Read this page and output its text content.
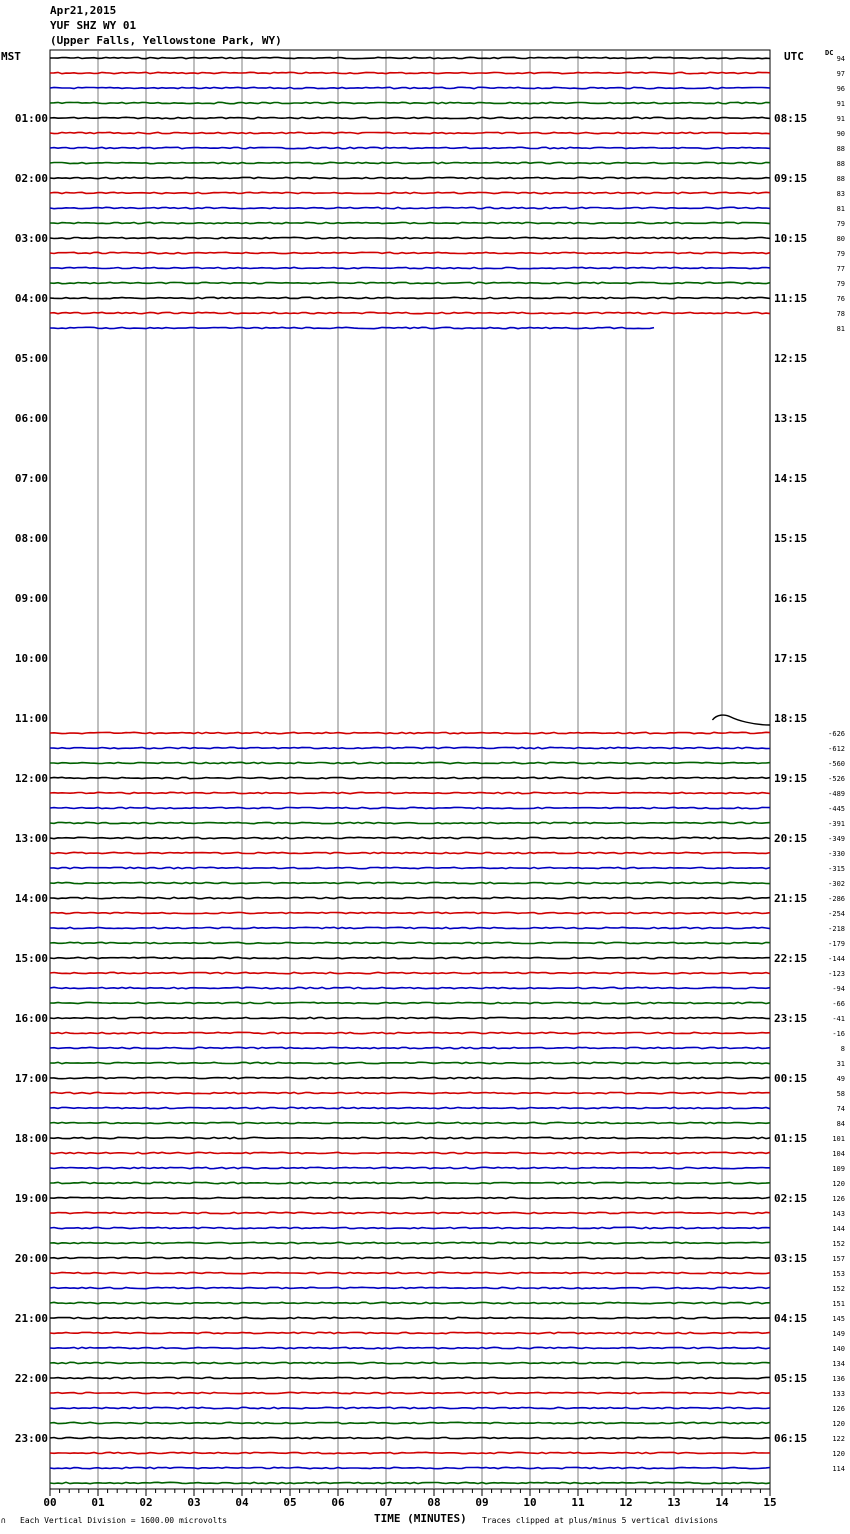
Apr21,2015
YUF SHZ WY 01
(Upper Falls, Yellowstone Park, WY)
MST	UTC	DC
00	01	02	03	04	05	06	07	08	09	10	11	12	13	14	15
01:00
02:00
03:00
04:00
05:00
06:00
07:00
08:00
09:00
10:00
11:00
12:00
13:00
14:00
15:00
16:00
17:00
18:00
19:00
20:00
21:00
22:00
23:00
08:15
09:15
10:15
11:15
12:15
13:15
14:15
15:15
16:15
17:15
18:15
19:15
20:15
21:15
22:15
23:15
00:15
01:15
02:15
03:15
04:15
05:15
06:15
94
97
96
91
91
90
88
88
88
83
81
79
80
79
77
79
76
78
81
-626
-612
-560
-526
-489
-445
-391
-349
-330
-315
-302
-286
-254
-218
-179
-144
-123
-94
-66
-41
-16
8
31
49
58
74
84
101
104
109
120
126
143
144
152
157
153
152
151
145
149
140
134
136
133
126
120
122
120
114
∩ Each Vertical Division = 1600.00 microvolts	TIME (MINUTES) Traces clipped at plus/minus 5 vertical divisions
